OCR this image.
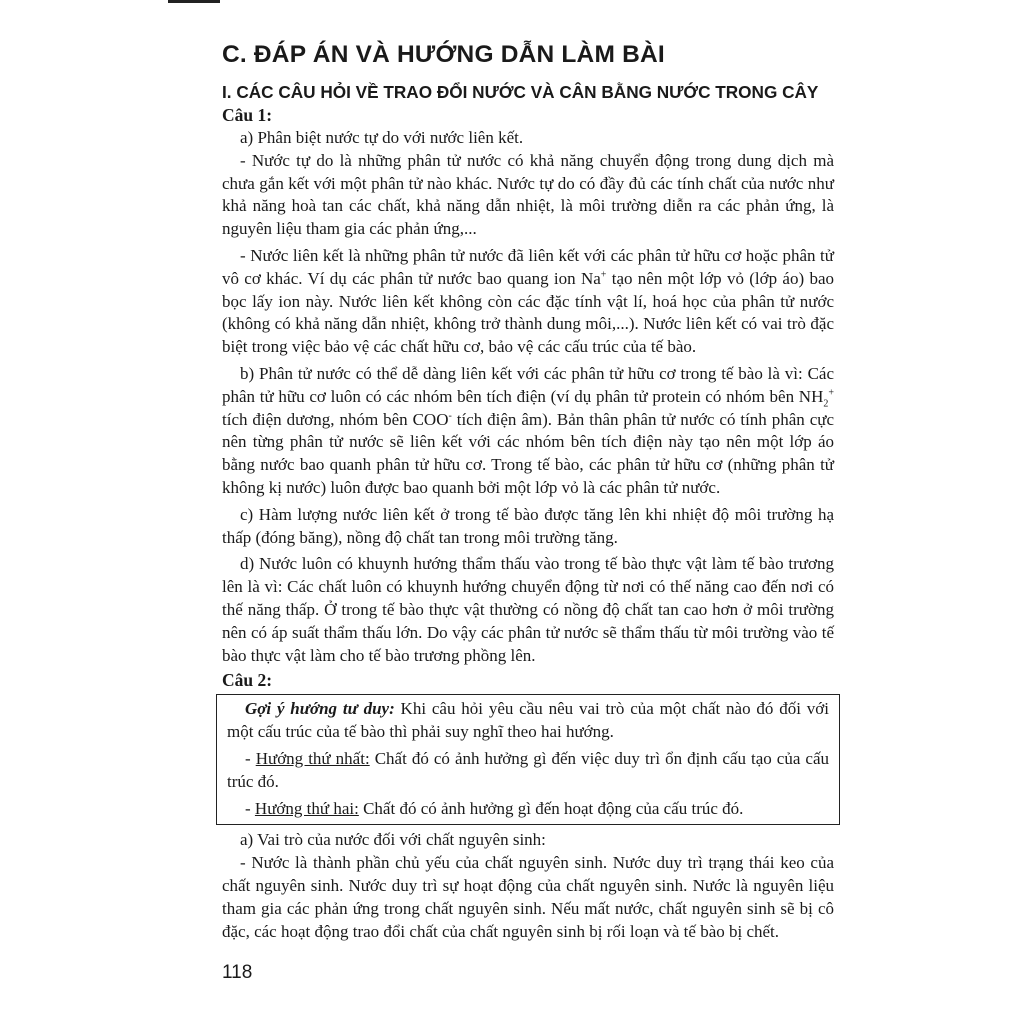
C. ĐÁP ÁN VÀ HƯỚNG DẪN LÀM BÀI
I. CÁC CÂU HỎI VỀ TRAO ĐỔI NƯỚC VÀ CÂN BẰNG NƯỚC TRONG CÂY
Câu 1:

a) Phân biệt nước tự do với nước liên kết.

- Nước tự do là những phân tử nước có khả năng chuyển động trong dung dịch mà chưa gắn kết với một phân tử nào khác. Nước tự do có đầy đủ các tính chất của nước như khả năng hoà tan các chất, khả năng dẫn nhiệt, là môi trường diễn ra các phản ứng, là nguyên liệu tham gia các phản ứng,...

- Nước liên kết là những phân tử nước đã liên kết với các phân tử hữu cơ hoặc phân tử vô cơ khác. Ví dụ các phân tử nước bao quang ion Na+ tạo nên một lớp vỏ (lớp áo) bao bọc lấy ion này. Nước liên kết không còn các đặc tính vật lí, hoá học của phân tử nước (không có khả năng dẫn nhiệt, không trở thành dung môi,...). Nước liên kết có vai trò đặc biệt trong việc bảo vệ các chất hữu cơ, bảo vệ các cấu trúc của tế bào.

b) Phân tử nước có thể dễ dàng liên kết với các phân tử hữu cơ trong tế bào là vì: Các phân tử hữu cơ luôn có các nhóm bên tích điện (ví dụ phân tử protein có nhóm bên $NH_2^+$ tích điện dương, nhóm bên COO- tích điện âm). Bản thân phân tử nước có tính phân cực nên từng phân tử nước sẽ liên kết với các nhóm bên tích điện này tạo nên một lớp áo bằng nước bao quanh phân tử hữu cơ. Trong tế bào, các phân tử hữu cơ (những phân tử không kị nước) luôn được bao quanh bởi một lớp vỏ là các phân tử nước.

c) Hàm lượng nước liên kết ở trong tế bào được tăng lên khi nhiệt độ môi trường hạ thấp (đóng băng), nồng độ chất tan trong môi trường tăng.

d) Nước luôn có khuynh hướng thẩm thấu vào trong tế bào thực vật làm tế bào trương lên là vì: Các chất luôn có khuynh hướng chuyển động từ nơi có thế năng cao đến nơi có thế năng thấp. Ở trong tế bào thực vật thường có nồng độ chất tan cao hơn ở môi trường nên có áp suất thẩm thấu lớn. Do vậy các phân tử nước sẽ thẩm thấu từ môi trường vào tế bào thực vật làm cho tế bào trương phồng lên.

Câu 2:

Gợi ý hướng tư duy: Khi câu hỏi yêu cầu nêu vai trò của một chất nào đó đối với một cấu trúc của tế bào thì phải suy nghĩ theo hai hướng.

- Hướng thứ nhất: Chất đó có ảnh hưởng gì đến việc duy trì ổn định cấu tạo của cấu trúc đó.

- Hướng thứ hai: Chất đó có ảnh hưởng gì đến hoạt động của cấu trúc đó.

a) Vai trò của nước đối với chất nguyên sinh:

- Nước là thành phần chủ yếu của chất nguyên sinh. Nước duy trì trạng thái keo của chất nguyên sinh. Nước duy trì sự hoạt động của chất nguyên sinh. Nước là nguyên liệu tham gia các phản ứng trong chất nguyên sinh. Nếu mất nước, chất nguyên sinh sẽ bị cô đặc, các hoạt động trao đổi chất của chất nguyên sinh bị rối loạn và tế bào bị chết.

118
